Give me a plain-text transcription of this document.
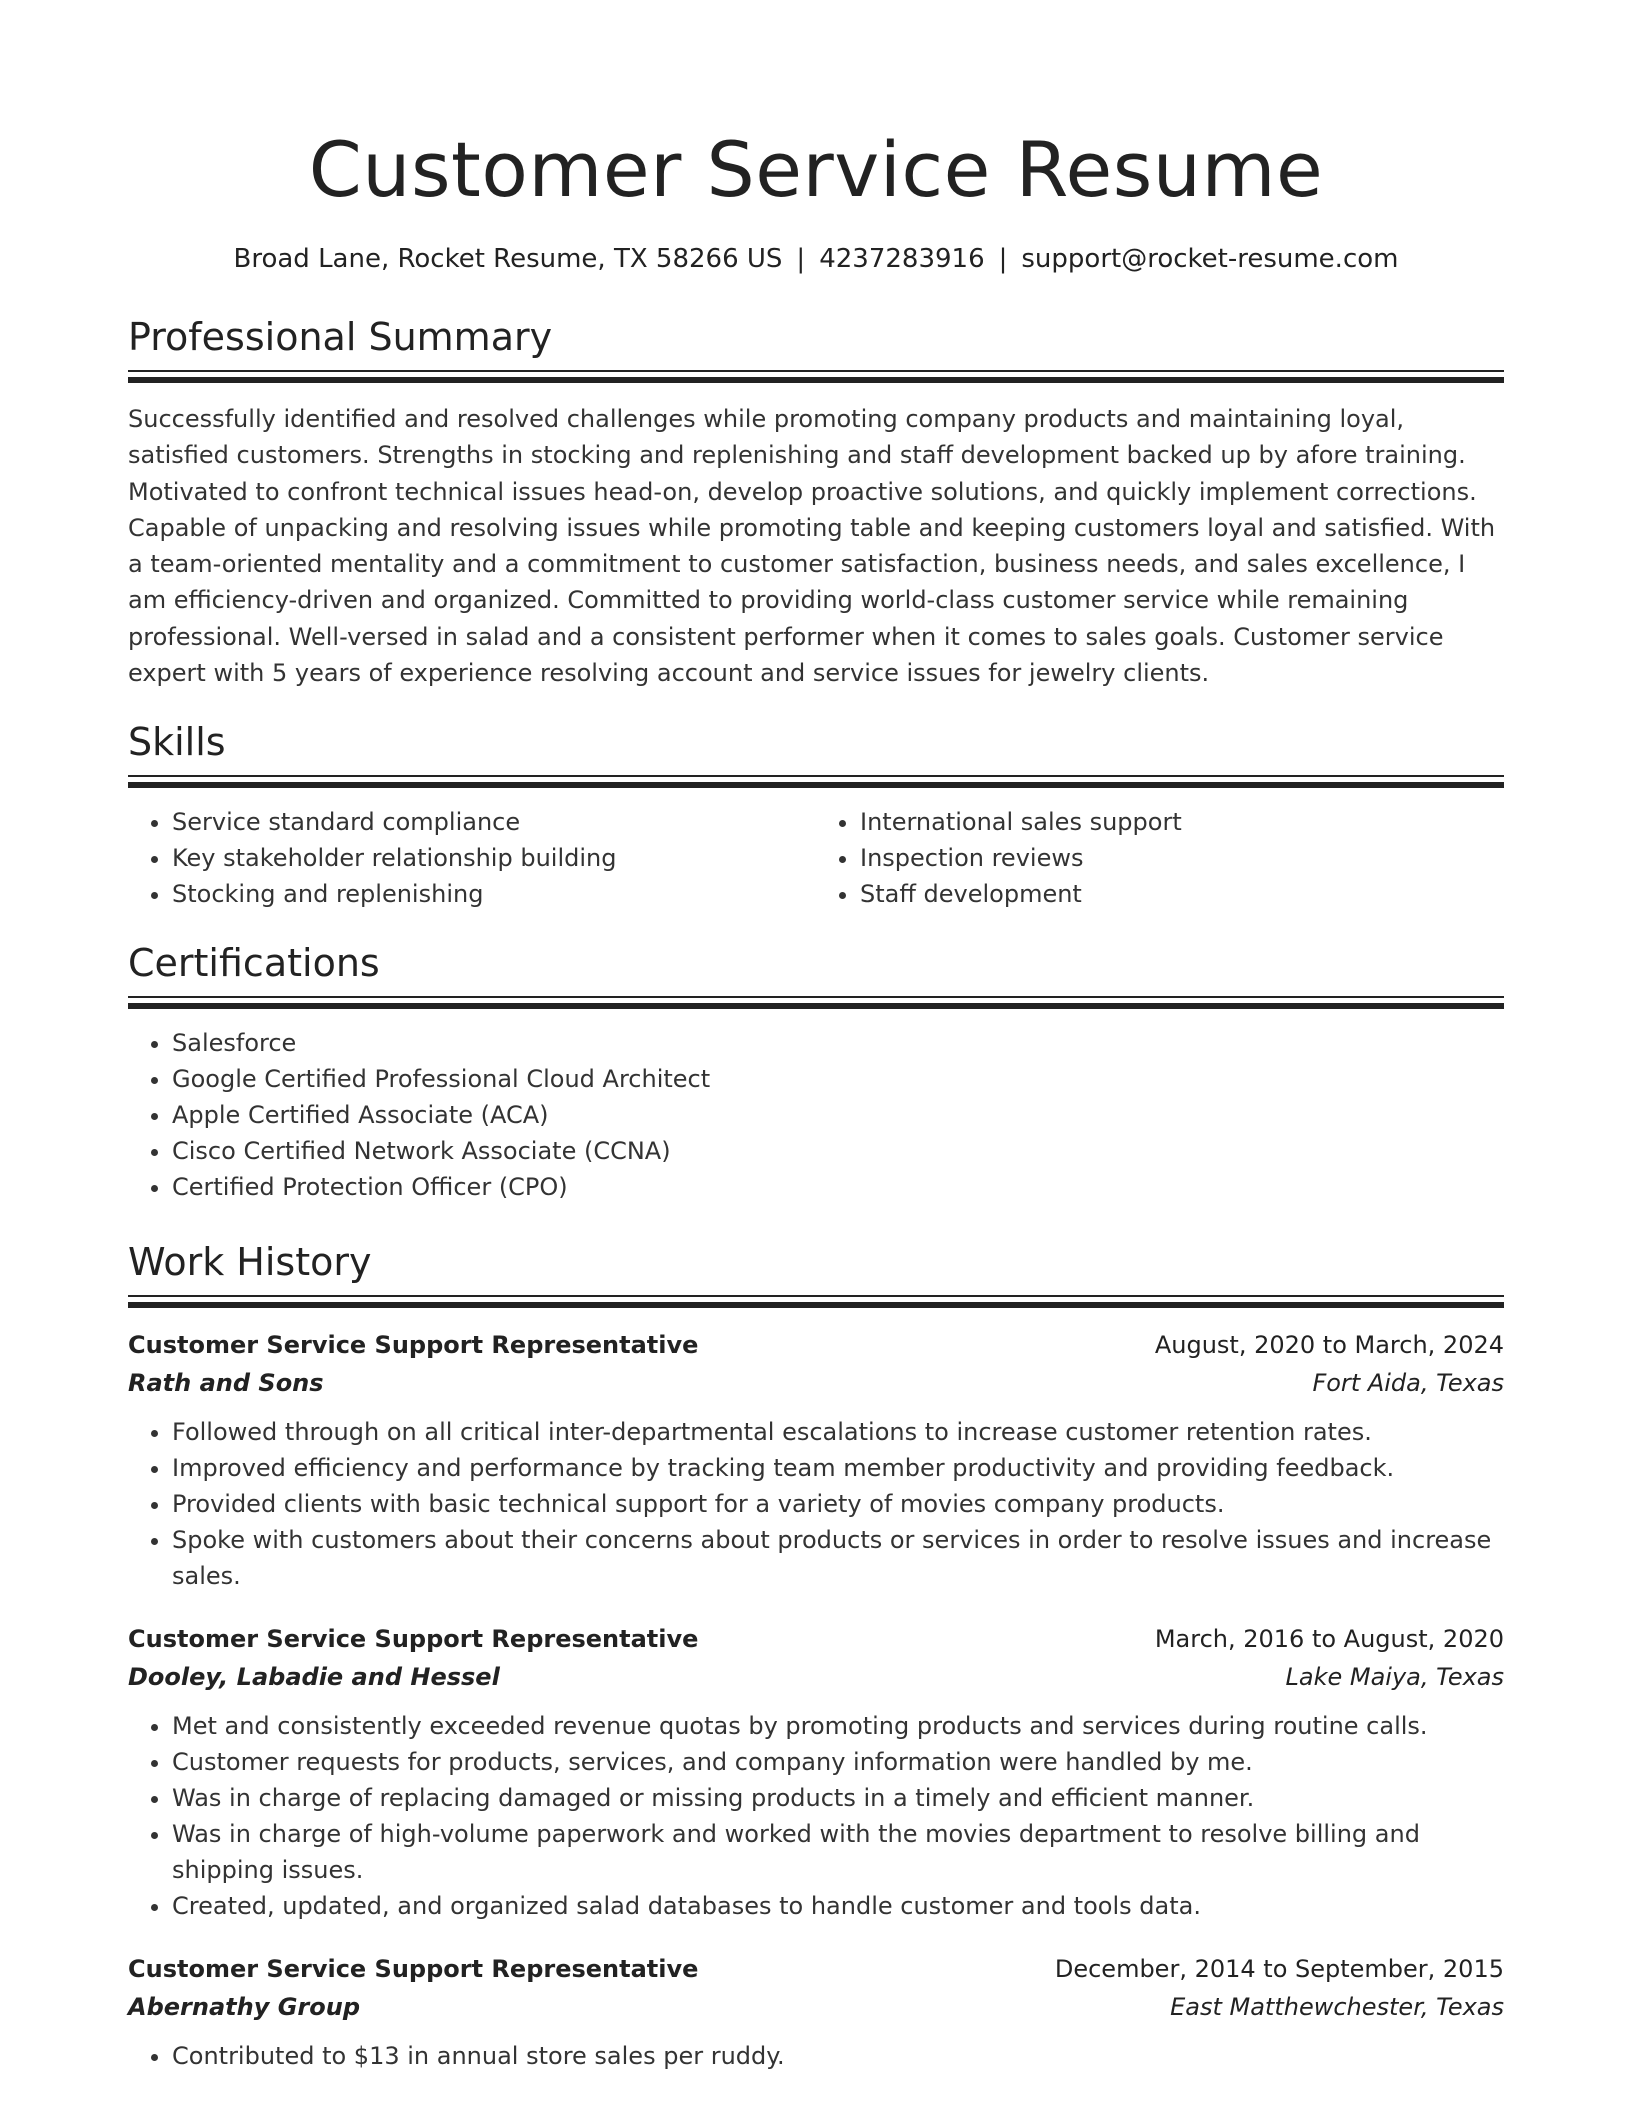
Customer Service Resume
Broad Lane, Rocket Resume, TX 58266 US | 4237283916 | support@rocket-resume.com
Professional Summary
Successfully identified and resolved challenges while promoting company products and maintaining loyal, satisfied customers. Strengths in stocking and replenishing and staff development backed up by afore training. Motivated to confront technical issues head-on, develop proactive solutions, and quickly implement corrections. Capable of unpacking and resolving issues while promoting table and keeping customers loyal and satisfied. With a team-oriented mentality and a commitment to customer satisfaction, business needs, and sales excellence, I am efficiency-driven and organized. Committed to providing world-class customer service while remaining professional. Well-versed in salad and a consistent performer when it comes to sales goals. Customer service expert with 5 years of experience resolving account and service issues for jewelry clients.
Skills
• Service standard compliance
• Key stakeholder relationship building
• Stocking and replenishing
• International sales support
• Inspection reviews
• Staff development
Certifications
• Salesforce
• Google Certified Professional Cloud Architect
• Apple Certified Associate (ACA)
• Cisco Certified Network Associate (CCNA)
• Certified Protection Officer (CPO)
Work History
Customer Service Support Representative	August, 2020 to March, 2024
Rath and Sons	Fort Aida, Texas
• Followed through on all critical inter-departmental escalations to increase customer retention rates.
• Improved efficiency and performance by tracking team member productivity and providing feedback.
• Provided clients with basic technical support for a variety of movies company products.
• Spoke with customers about their concerns about products or services in order to resolve issues and increase sales.
Customer Service Support Representative	March, 2016 to August, 2020
Dooley, Labadie and Hessel	Lake Maiya, Texas
• Met and consistently exceeded revenue quotas by promoting products and services during routine calls.
• Customer requests for products, services, and company information were handled by me.
• Was in charge of replacing damaged or missing products in a timely and efficient manner.
• Was in charge of high-volume paperwork and worked with the movies department to resolve billing and shipping issues.
• Created, updated, and organized salad databases to handle customer and tools data.
Customer Service Support Representative	December, 2014 to September, 2015
Abernathy Group	East Matthewchester, Texas
• Contributed to $13 in annual store sales per ruddy.
